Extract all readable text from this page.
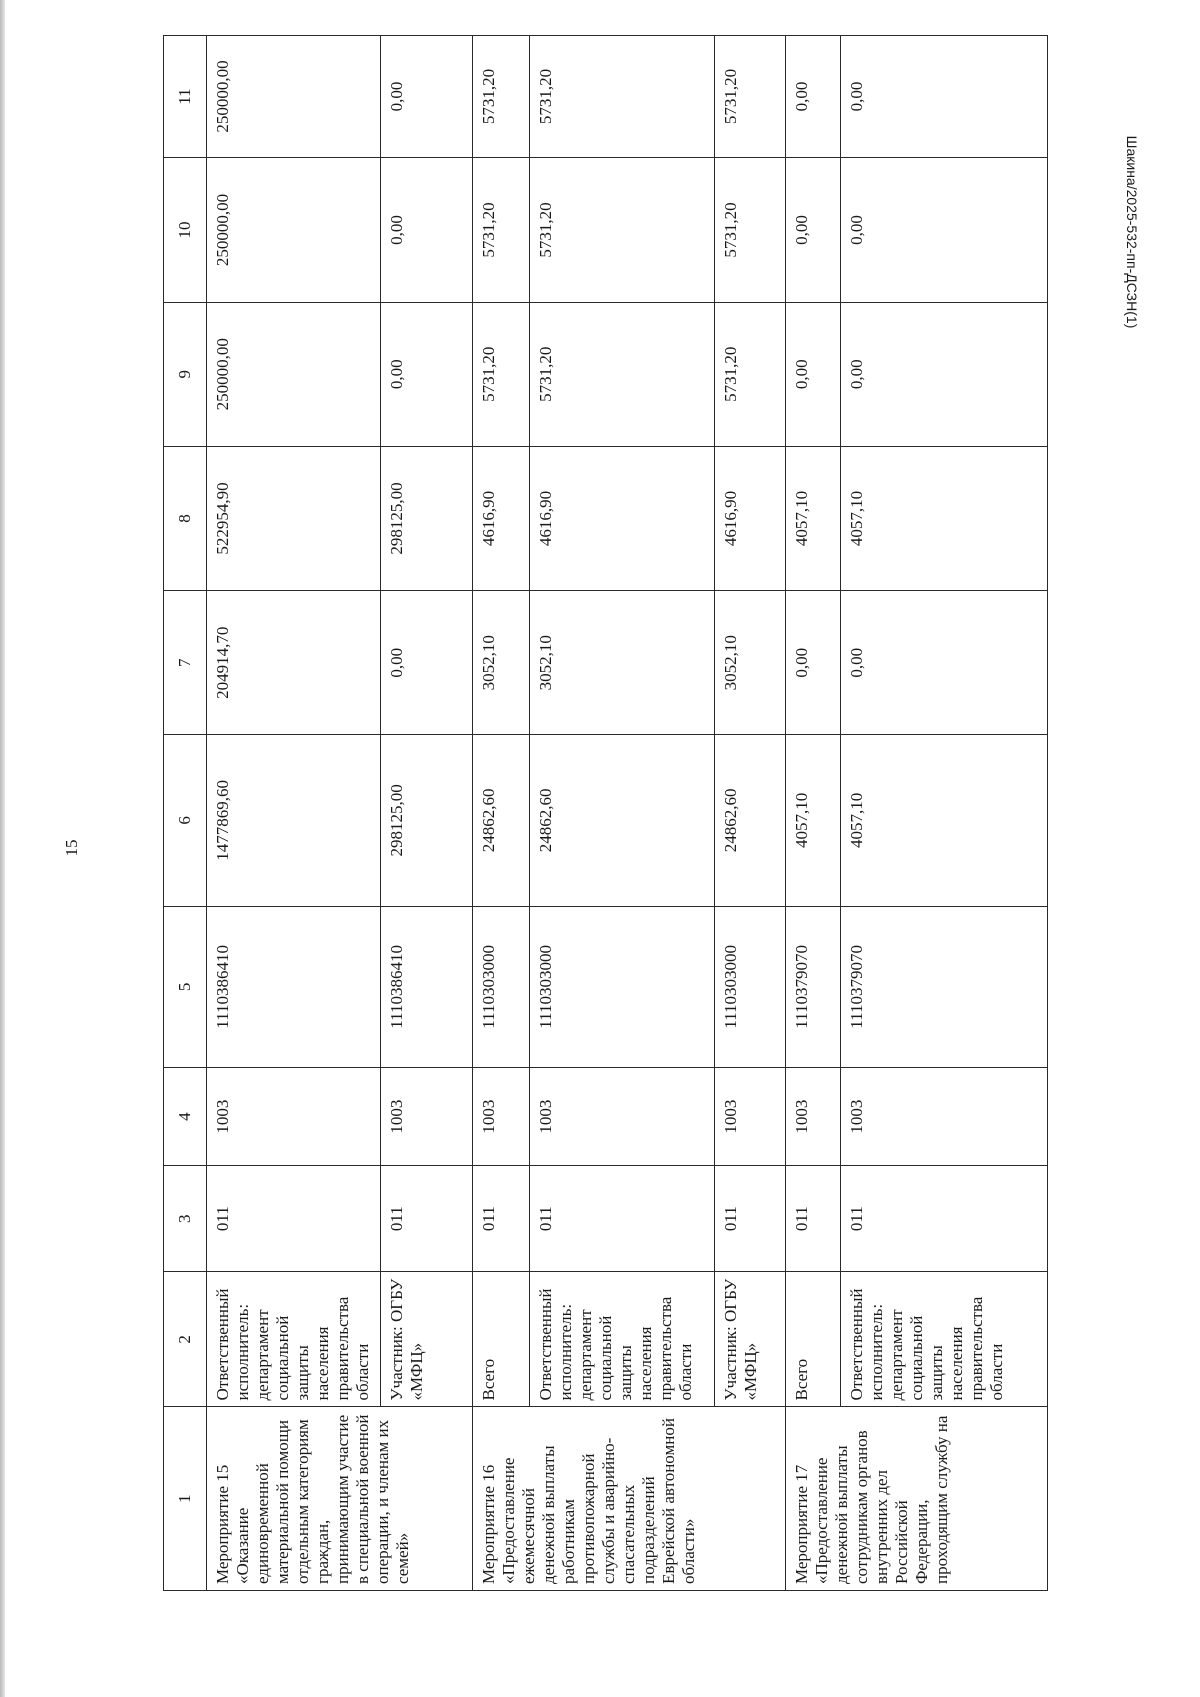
15
Шакина/2025-532-пп-ДСЗН(1)
1	2	3	4	5	6	7	8	9	10	11
Мероприятие 15 «Оказание единовременной материальной помощи отдельным категориям граждан, принимающим участие в специальной военной операции, и членам их семей»	Ответственный исполнитель: департамент социальной защиты населения правительства области	011	1003	1110386410	1477869,60	204914,70	522954,90	250000,00	250000,00	250000,00
	Участник: ОГБУ «МФЦ»	011	1003	1110386410	298125,00	0,00	298125,00	0,00	0,00	0,00
Мероприятие 16 «Предоставление ежемесячной денежной выплаты работникам противопожарной службы и аварийно-спасательных подразделений Еврейской автономной области»	Всего	011	1003	1110303000	24862,60	3052,10	4616,90	5731,20	5731,20	5731,20
	Ответственный исполнитель: департамент социальной защиты населения правительства области	011	1003	1110303000	24862,60	3052,10	4616,90	5731,20	5731,20	5731,20
	Участник: ОГБУ «МФЦ»	011	1003	1110303000	24862,60	3052,10	4616,90	5731,20	5731,20	5731,20
Мероприятие 17 «Предоставление денежной выплаты сотрудникам органов внутренних дел Российской Федерации, проходящим службу на	Всего	011	1003	1110379070	4057,10	0,00	4057,10	0,00	0,00	0,00
	Ответственный исполнитель: департамент социальной защиты населения правительства области	011	1003	1110379070	4057,10	0,00	4057,10	0,00	0,00	0,00
